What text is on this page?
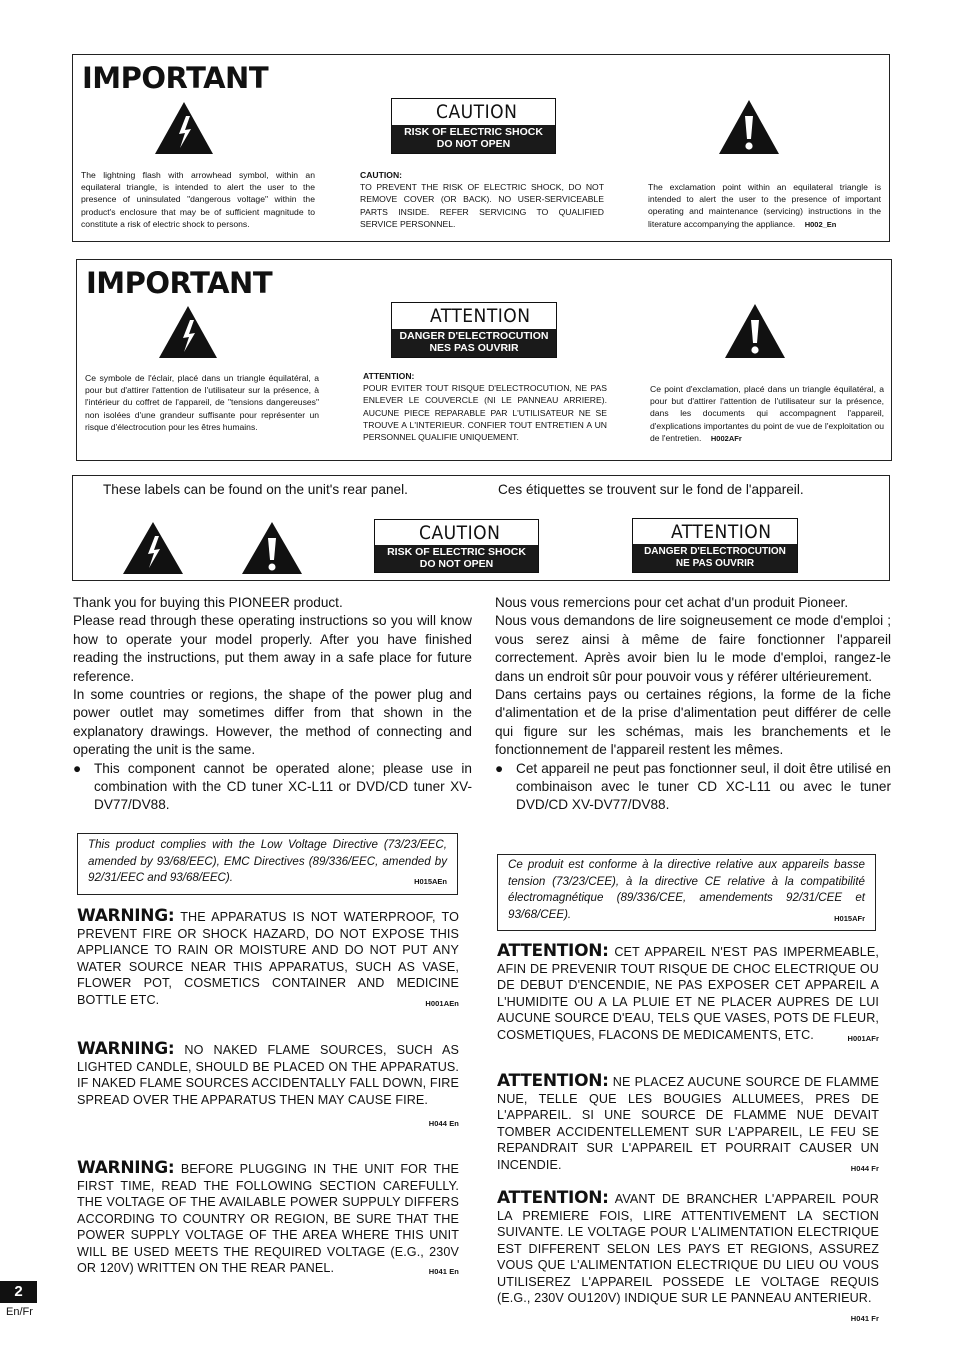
IMPORTANT
CAUTION
RISK OF ELECTRIC SHOCK
DO NOT OPEN
The lightning flash with arrowhead symbol, within an equilateral triangle, is intended to alert the user to the presence of uninsulated "dangerous voltage" within the product's enclosure that may be of sufficient magnitude to constitute a risk of electric shock to persons.
CAUTION:
TO PREVENT THE RISK OF ELECTRIC SHOCK, DO NOT REMOVE COVER (OR BACK). NO USER-SERVICEABLE PARTS INSIDE. REFER SERVICING TO QUALIFIED SERVICE PERSONNEL.
The exclamation point within an equilateral triangle is intended to alert the user to the presence of important operating and maintenance (servicing) instructions in the literature accompanying the appliance. H002_En
IMPORTANT
ATTENTION
DANGER D'ELECTROCUTION
NES PAS OUVRIR
Ce symbole de l'éclair, placé dans un triangle équilatéral, a pour but d'attirer l'attention de l'utilisateur sur la présence, à l'intérieur du coffret de l'appareil, de "tensions dangereuses" non isolées d'une grandeur suffisante pour représenter un risque d'électrocution pour les êtres humains.
ATTENTION:
POUR EVITER TOUT RISQUE D'ELECTROCUTION, NE PAS ENLEVER LE COUVERCLE (NI LE PANNEAU ARRIERE). AUCUNE PIECE REPARABLE PAR L'UTILISATEUR NE SE TROUVE A L'INTERIEUR. CONFIER TOUT ENTRETIEN A UN PERSONNEL QUALIFIE UNIQUEMENT.
Ce point d'exclamation, placé dans un triangle équilatéral, a pour but d'attirer l'attention de l'utilisateur sur la présence, dans les documents qui accompagnent l'appareil, d'explications importantes du point de vue de l'exploitation ou de l'entretien. H002AFr
These labels can be found on the unit's rear panel.	Ces étiquettes se trouvent sur le fond de l'appareil.
CAUTION
RISK OF ELECTRIC SHOCK
DO NOT OPEN
ATTENTION
DANGER D'ELECTROCUTION
NE PAS OUVRIR

Thank you for buying this PIONEER product.

Please read through these operating instructions so you will know how to operate your model properly. After you have finished reading the instructions, put them away in a safe place for future reference.

In some countries or regions, the shape of the power plug and power outlet may sometimes differ from that shown in the explanatory drawings. However, the method of connecting and operating the unit is the same.

● This component cannot be operated alone; please use in combination with the CD tuner XC-L11 or DVD/CD tuner XV-DV77/DV88.
This product complies with the Low Voltage Directive (73/23/EEC, amended by 93/68/EEC), EMC Directives (89/336/EEC, amended by 92/31/EEC and 93/68/EEC).	H015AEn
WARNING: THE APPARATUS IS NOT WATERPROOF, TO PREVENT FIRE OR SHOCK HAZARD, DO NOT EXPOSE THIS APPLIANCE TO RAIN OR MOISTURE AND DO NOT PUT ANY WATER SOURCE NEAR THIS APPARATUS, SUCH AS VASE, FLOWER POT, COSMETICS CONTAINER AND MEDICINE BOTTLE ETC.	H001AEn
WARNING: NO NAKED FLAME SOURCES, SUCH AS LIGHTED CANDLE, SHOULD BE PLACED ON THE APPARATUS. IF NAKED FLAME SOURCES ACCIDENTALLY FALL DOWN, FIRE SPREAD OVER THE APPARATUS THEN MAY CAUSE FIRE.
H044 En
WARNING: BEFORE PLUGGING IN THE UNIT FOR THE FIRST TIME, READ THE FOLLOWING SECTION CAREFULLY. THE VOLTAGE OF THE AVAILABLE POWER SUPPULY DIFFERS ACCORDING TO COUNTRY OR REGION, BE SURE THAT THE POWER SUPPLY VOLTAGE OF THE AREA WHERE THIS UNIT WILL BE USED MEETS THE REQUIRED VOLTAGE (E.G., 230V OR 120V) WRITTEN ON THE REAR PANEL.	H041 En

Nous vous remercions pour cet achat d'un produit Pioneer.

Nous vous demandons de lire soigneusement ce mode d'emploi ; vous serez ainsi à même de faire fonctionner l'appareil correctement. Après avoir bien lu le mode d'emploi, rangez-le dans un endroit sûr pour pouvoir vous y référer ultérieurement.

Dans certains pays ou certaines régions, la forme de la fiche d'alimentation et de la prise d'alimentation peut différer de celle qui figure sur les schémas, mais les branchements et le fonctionnement de l'appareil restent les mêmes.

● Cet appareil ne peut pas fonctionner seul, il doit être utilisé en combinaison avec le tuner CD XC-L11 ou avec le tuner DVD/CD XV-DV77/DV88.
Ce produit est conforme à la directive relative aux appareils basse tension (73/23/CEE), à la directive CE relative à la compatibilité électromagnétique (89/336/CEE, amendements 92/31/CEE et 93/68/CEE).	H015AFr
ATTENTION: CET APPAREIL N'EST PAS IMPERMEABLE, AFIN DE PREVENIR TOUT RISQUE DE CHOC ELECTRIQUE OU DE DEBUT D'ENCENDIE, NE PAS EXPOSER CET APPAREIL A L'HUMIDITE OU A LA PLUIE ET NE PLACER AUPRES DE LUI AUCUNE SOURCE D'EAU, TELS QUE VASES, POTS DE FLEUR, COSMETIQUES, FLACONS DE MEDICAMENTS, ETC.	H001AFr
ATTENTION: NE PLACEZ AUCUNE SOURCE DE FLAMME NUE, TELLE QUE LES BOUGIES ALLUMEES, PRES DE L'APPAREIL. SI UNE SOURCE DE FLAMME NUE DEVAIT TOMBER ACCIDENTELLEMENT SUR L'APPAREIL, LE FEU SE REPANDRAIT SUR L'APPAREIL ET POURRAIT CAUSER UN INCENDIE.	H044 Fr
ATTENTION: AVANT DE BRANCHER L'APPAREIL POUR LA PREMIERE FOIS, LIRE ATTENTIVEMENT LA SECTION SUIVANTE. LE VOLTAGE POUR L'ALIMENTATION ELECTRIQUE EST DIFFERENT SELON LES PAYS ET REGIONS, ASSUREZ VOUS QUE L'ALIMENTATION ELECTRIQUE DU LIEU OU VOUS UTILISEREZ L'APPAREIL POSSEDE LE VOLTAGE REQUIS (E.G., 230V OU120V) INDIQUE SUR LE PANNEAU ANTERIEUR.
H041 Fr
2
En/Fr
